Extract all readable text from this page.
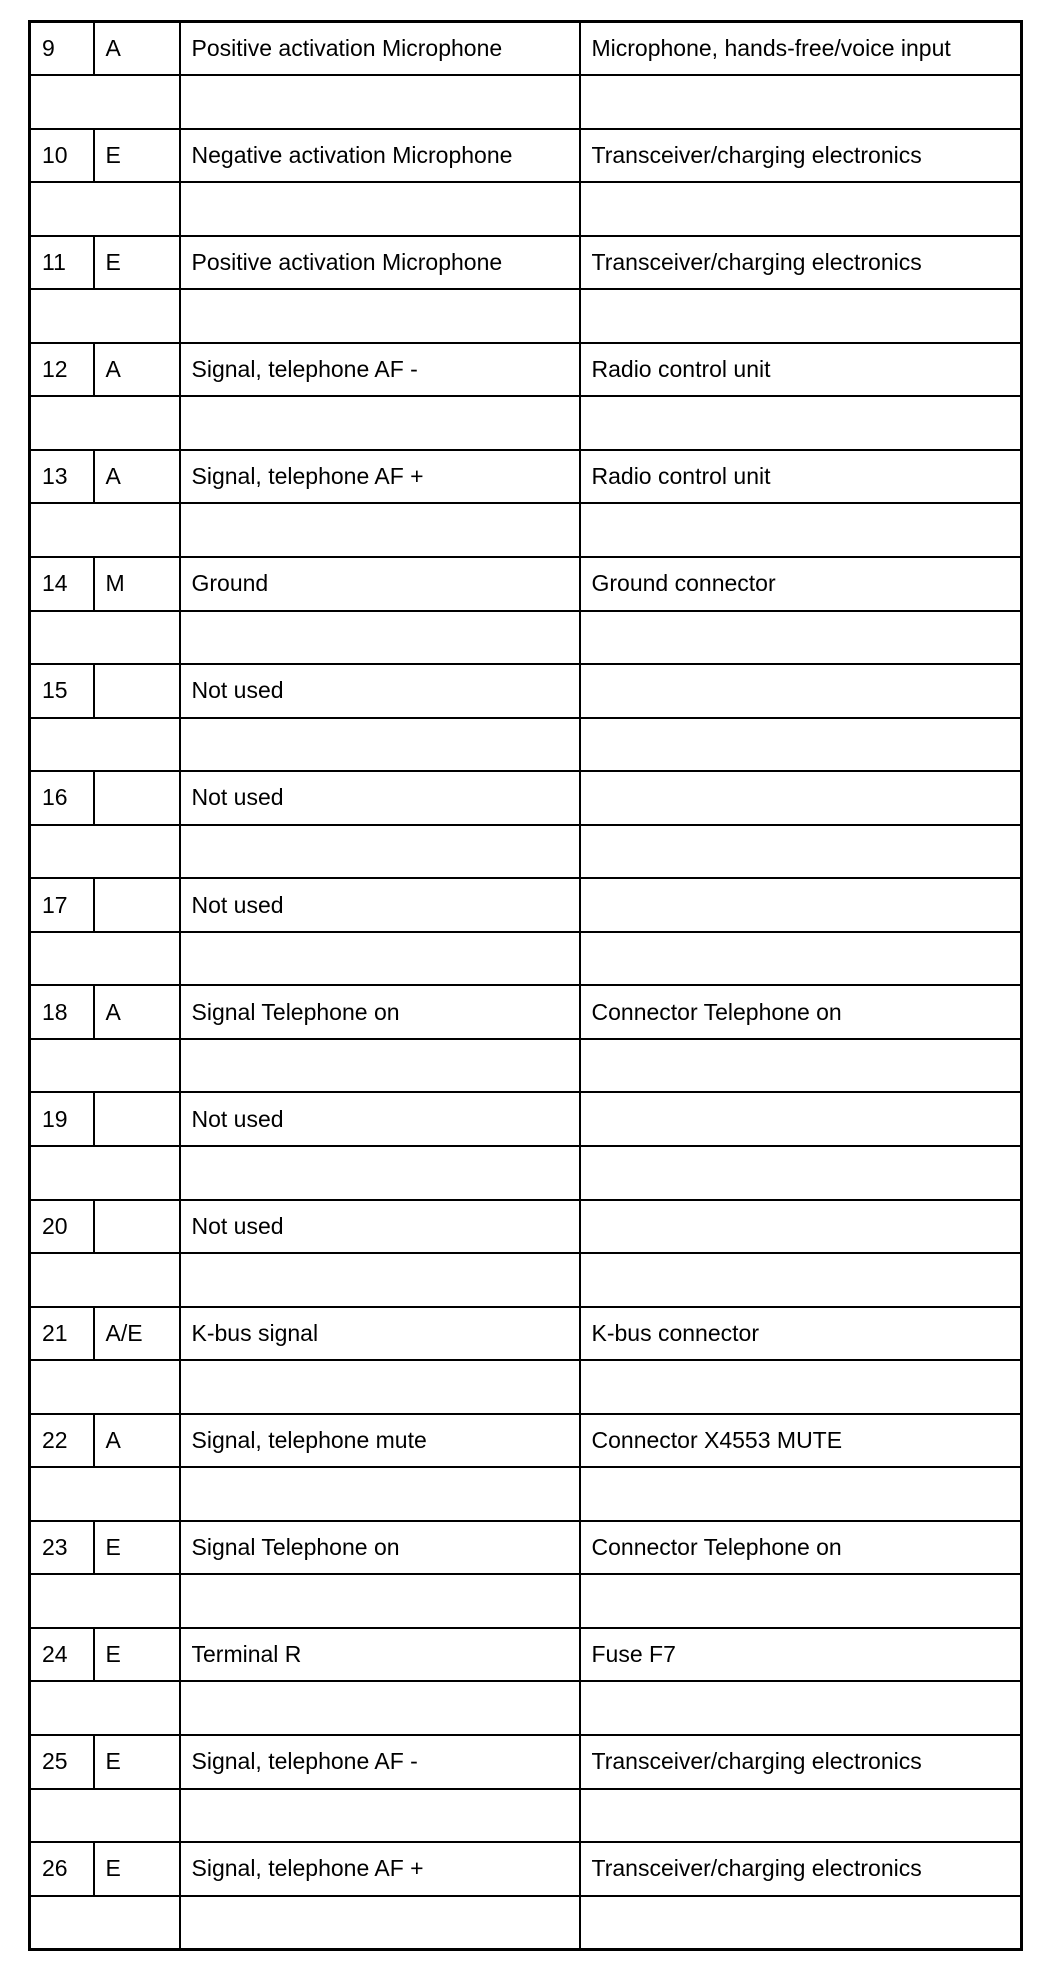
9	A	Positive activation Microphone	Microphone, hands-free/voice input

10	E	Negative activation Microphone	Transceiver/charging electronics

11	E	Positive activation Microphone	Transceiver/charging electronics

12	A	Signal, telephone AF -	Radio control unit

13	A	Signal, telephone AF +	Radio control unit

14	M	Ground	Ground connector

15		Not used	

16		Not used	

17		Not used	

18	A	Signal Telephone on	Connector Telephone on

19		Not used	

20		Not used	

21	A/E	K-bus signal	K-bus connector

22	A	Signal, telephone mute	Connector X4553 MUTE

23	E	Signal Telephone on	Connector Telephone on

24	E	Terminal R	Fuse F7

25	E	Signal, telephone AF -	Transceiver/charging electronics

26	E	Signal, telephone AF +	Transceiver/charging electronics
